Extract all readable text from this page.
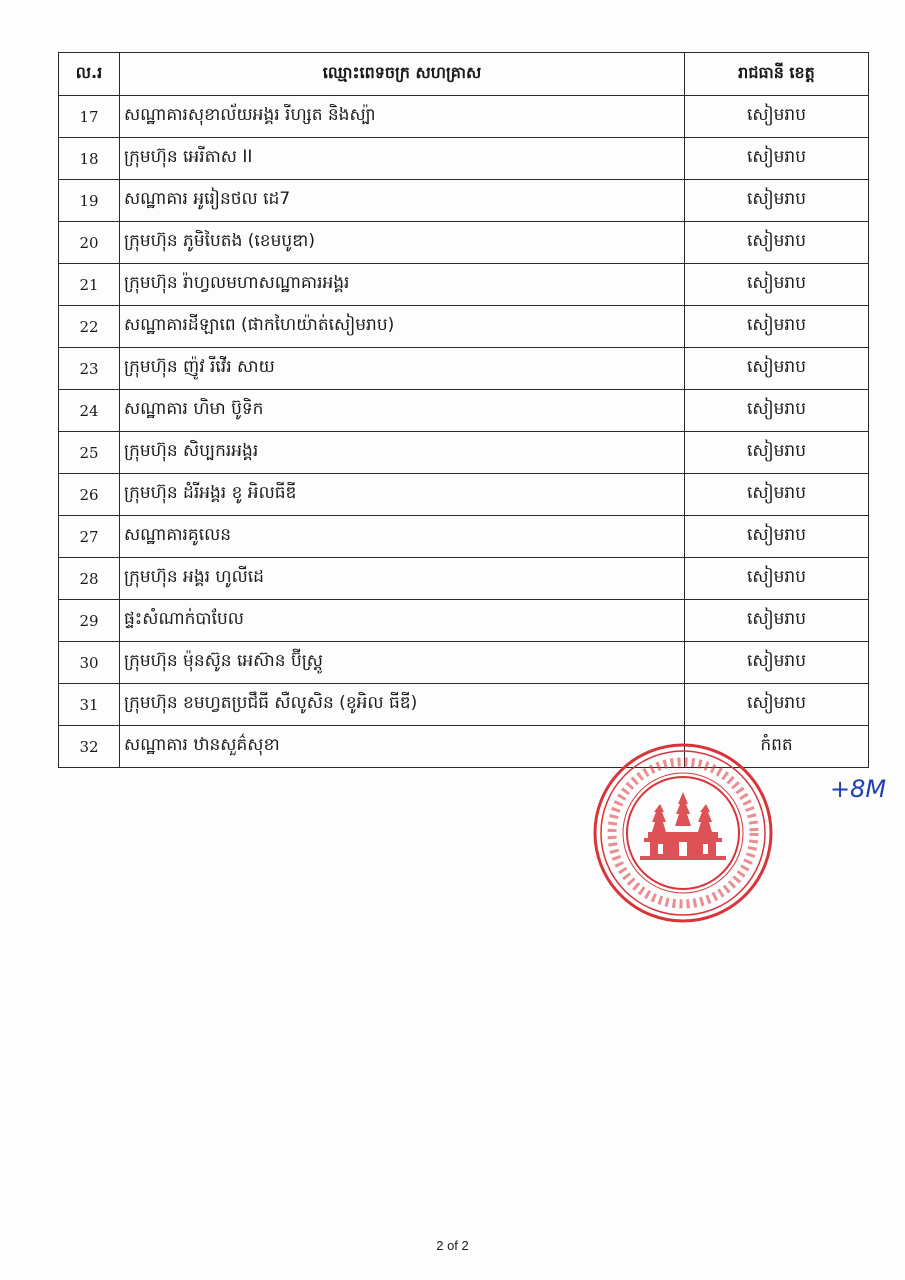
ល.រ	ឈ្មោះពេទចក្រ សហគ្រាស	រាជធានី ខេត្ត
17	សណ្ឋាគារសុខាល័យអង្គរ រីហ្សត និងស្ប៉ា	សៀមរាប
18	ក្រុមហ៊ុន អេរីតាស II	សៀមរាប
19	សណ្ឋាគារ អូរៀនថល ដេ7	សៀមរាប
20	ក្រុមហ៊ុន ភូមិបៃតង (ខេមបូឌា)	សៀមរាប
21	ក្រុមហ៊ុន រ៉ាហ្វលមហាសណ្ឋាគារអង្គរ	សៀមរាប
22	សណ្ឋាគារដីឡាពេ (ផាកហៃយ៉ាត់សៀមរាប)	សៀមរាប
23	ក្រុមហ៊ុន ញ៉ូវ រីវើរ សាយ	សៀមរាប
24	សណ្ឋាគារ ហិមា ប៊ូទិក	សៀមរាប
25	ក្រុមហ៊ុន សិប្បករអង្គរ	សៀមរាប
26	ក្រុមហ៊ុន ដំរីអង្គរ ខូ អិលធីឌី	សៀមរាប
27	សណ្ឋាគារគូលេន	សៀមរាប
28	ក្រុមហ៊ុន អង្គរ ហូលីដេ	សៀមរាប
29	ផ្ទះសំណាក់បាបែល	សៀមរាប
30	ក្រុមហ៊ុន ម៉ុនស៊ូន អេស៊ាន ប៊ីស្ត្រូ	សៀមរាប
31	ក្រុមហ៊ុន ខមហ្វតប្រជឹធី សឺលូសិន (ខូអិល ធីឌី)	សៀមរាប
32	សណ្ឋាគារ ឋានសួគ៌សុខា	កំពត
+8M
2 of 2
